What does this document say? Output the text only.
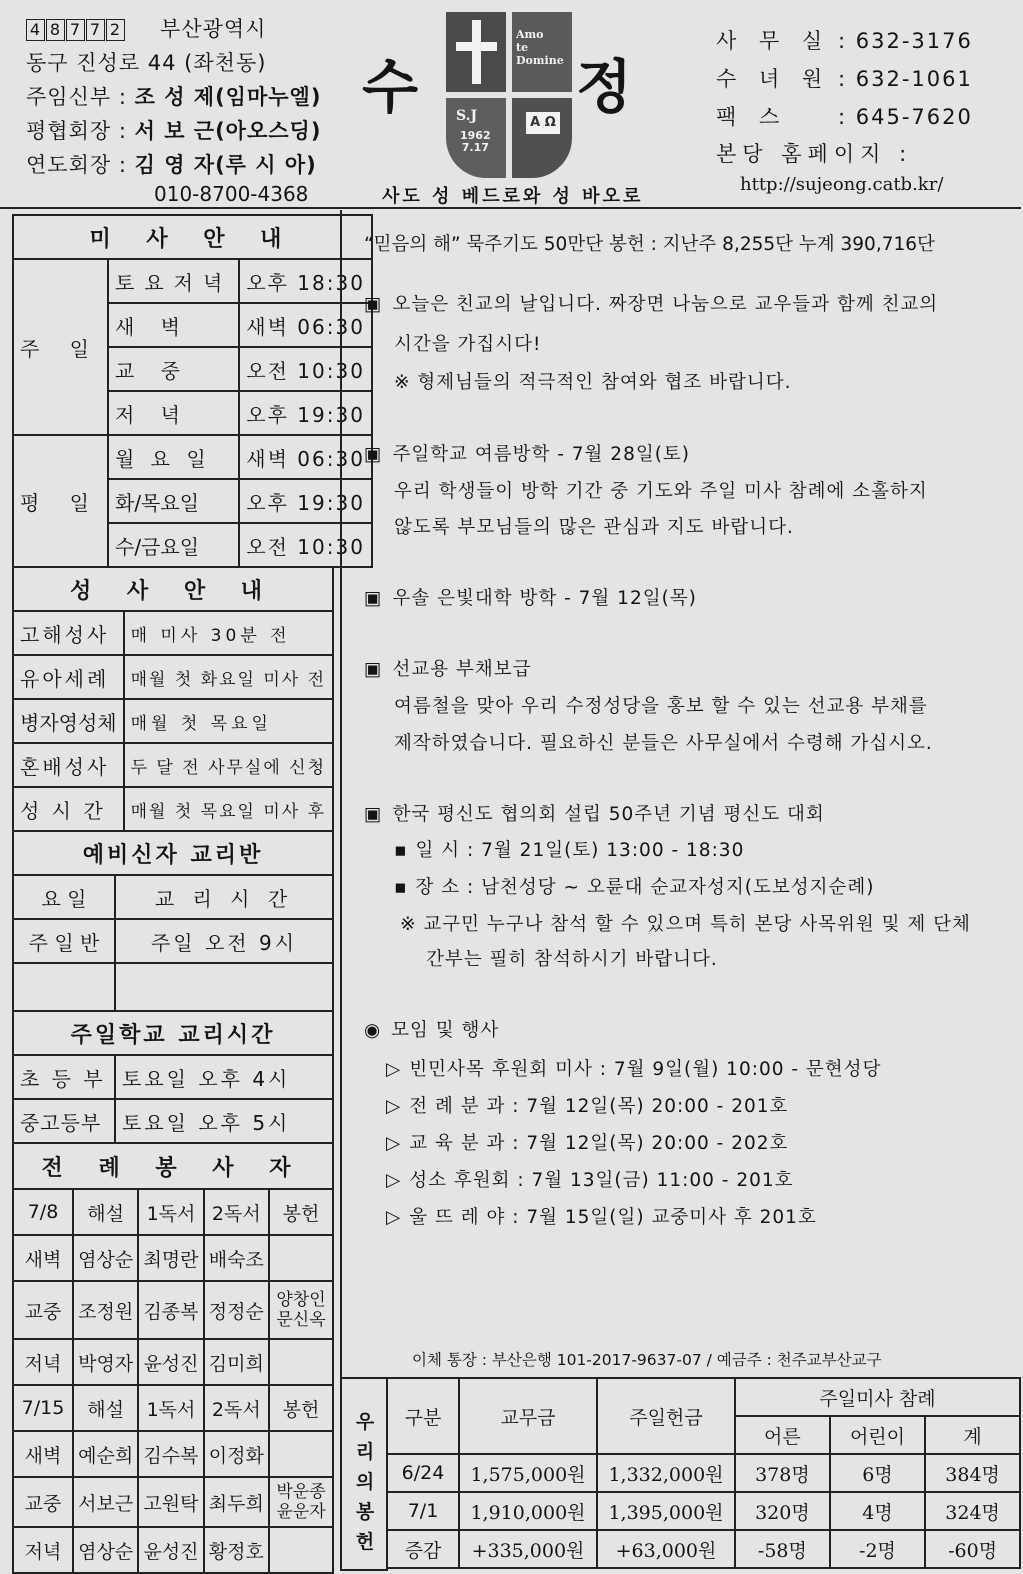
4 8 7 7 2 부산광역시
동구 진성로 44 (좌천동)
주임신부 : 조 성 제(임마누엘)
평협회장 : 서 보 근(아오스딩)
연도회장 : 김 영 자(루 시 아)
010-8700-4368
수
Amo
te
Domine
S.J
1962
7.17
A Ω
정
사도 성 베드로와 성 바오로
사 무 실 : 632-3176
수 녀 원 : 632-1061
팩 스 : 645-7620
본당 홈페이지 :
http://sujeong.catb.kr/
미 사 안 내		
주 일	토요저녁	오후 18:30
	새 벽	새벽 06:30
	교 중	오전 10:30
	저 녁	오후 19:30
평 일	월 요 일	새벽 06:30
	화/목요일	오후 19:30
	수/금요일	오전 10:30
성 사 안 내	
고해성사	매 미사 30분 전
유아세례	매월 첫 화요일 미사 전
병자영성체	매월 첫 목요일
혼배성사	두 달 전 사무실에 신청
성 시 간	매월 첫 목요일 미사 후
예비신자 교리반	
요 일	교 리 시 간
주 일 반	주일 오전 9시

주일학교 교리시간	
초 등 부	토요일 오후 4시
중고등부	토요일 오후 5시
전 례 봉 사 자				
7/8	해설	1독서	2독서	봉헌
새벽	염상순	최명란	배숙조	
교중	조정원	김종복	정정순	양창인 문신옥
저녁	박영자	윤성진	김미희	
7/15	해설	1독서	2독서	봉헌
새벽	예순희	김수복	이정화	
교중	서보근	고원탁	최두희	박운종 윤운자
저녁	염상순	윤성진	황정호	
“믿음의 해” 묵주기도 50만단 봉헌 : 지난주 8,255단 누계 390,716단
▣ 오늘은 친교의 날입니다. 짜장면 나눔으로 교우들과 함께 친교의
시간을 가집시다!
※ 형제님들의 적극적인 참여와 협조 바랍니다.
▣ 주일학교 여름방학 - 7월 28일(토)
우리 학생들이 방학 기간 중 기도와 주일 미사 참례에 소홀하지
않도록 부모님들의 많은 관심과 지도 바랍니다.
▣ 우솔 은빛대학 방학 - 7월 12일(목)
▣ 선교용 부채보급
여름철을 맞아 우리 수정성당을 홍보 할 수 있는 선교용 부채를
제작하였습니다. 필요하신 분들은 사무실에서 수령해 가십시오.
▣ 한국 평신도 협의회 설립 50주년 기념 평신도 대회
▪ 일 시 : 7월 21일(토) 13:00 - 18:30
▪ 장 소 : 남천성당 ~ 오륜대 순교자성지(도보성지순례)
※ 교구민 누구나 참석 할 수 있으며 특히 본당 사목위원 및 제 단체
간부는 필히 참석하시기 바랍니다.
◉ 모임 및 행사
▷ 빈민사목 후원회 미사 : 7월 9일(월) 10:00 - 문현성당
▷ 전 례 분 과 : 7월 12일(목) 20:00 - 201호
▷ 교 육 분 과 : 7월 12일(목) 20:00 - 202호
▷ 성소 후원회 : 7월 13일(금) 11:00 - 201호
▷ 울 뜨 레 야 : 7월 15일(일) 교중미사 후 201호
이체 통장 : 부산은행 101-2017-9637-07 / 예금주 : 천주교부산교구
우
리
의
봉
헌
구분	교무금	주일헌금	주일미사 참례		
			어른	어린이	계
6/24	1,575,000원	1,332,000원	378명	6명	384명
7/1	1,910,000원	1,395,000원	320명	4명	324명
증감	+335,000원	+63,000원	-58명	-2명	-60명
